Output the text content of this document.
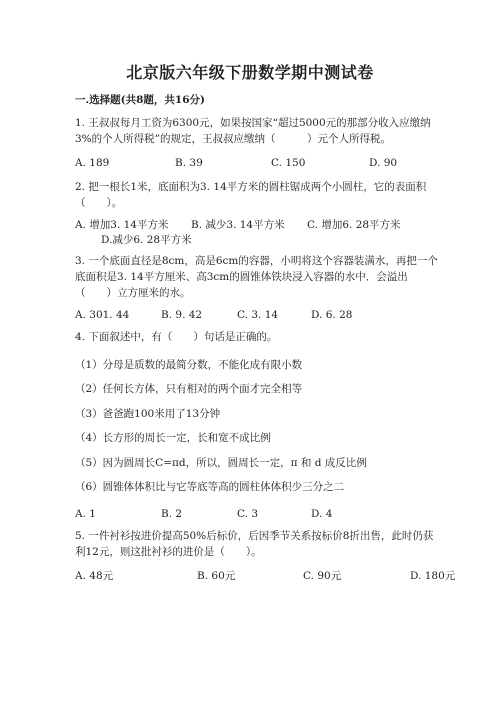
北京版六年级下册数学期中测试卷
一.选择题(共8题，共16分)
1. 王叔叔每月工资为6300元，如果按国家“超过5000元的那部分收入应缴纳
3%的个人所得税”的规定，王叔叔应缴纳（　　　）元个人所得税。
A. 189	B. 39	C. 150	D. 90
2. 把一根长1米，底面积为3. 14平方米的圆柱锯成两个小圆柱，它的表面积
（　　）。
A. 增加3. 14平方米 B. 减少3. 14平方米 C. 增加6. 28平方米
D.减少6. 28平方米
3. 一个底面直径是8cm，高是6cm的容器，小明将这个容器装满水，再把一个
底面积是3. 14平方厘米、高3cm的圆锥体铁块浸入容器的水中．会溢出
（　　）立方厘米的水。
A. 301. 44	B. 9. 42	C. 3. 14	D. 6. 28
4. 下面叙述中，有（　　）句话是正确的。
（1）分母是质数的最简分数，不能化成有限小数
（2）任何长方体，只有相对的两个面才完全相等
（3）爸爸跑100米用了13分钟
（4）长方形的周长一定，长和宽不成比例
（5）因为圆周长C=πd，所以，圆周长一定，π 和 d 成反比例
（6）圆锥体体积比与它等底等高的圆柱体体积少三分之二
A. 1	B. 2	C. 3	D. 4
5. 一件衬衫按进价提高50%后标价，后因季节关系按标价8折出售，此时仍获
利12元，则这批衬衫的进价是（　　）。
A. 48元	B. 60元	C. 90元	D. 180元
